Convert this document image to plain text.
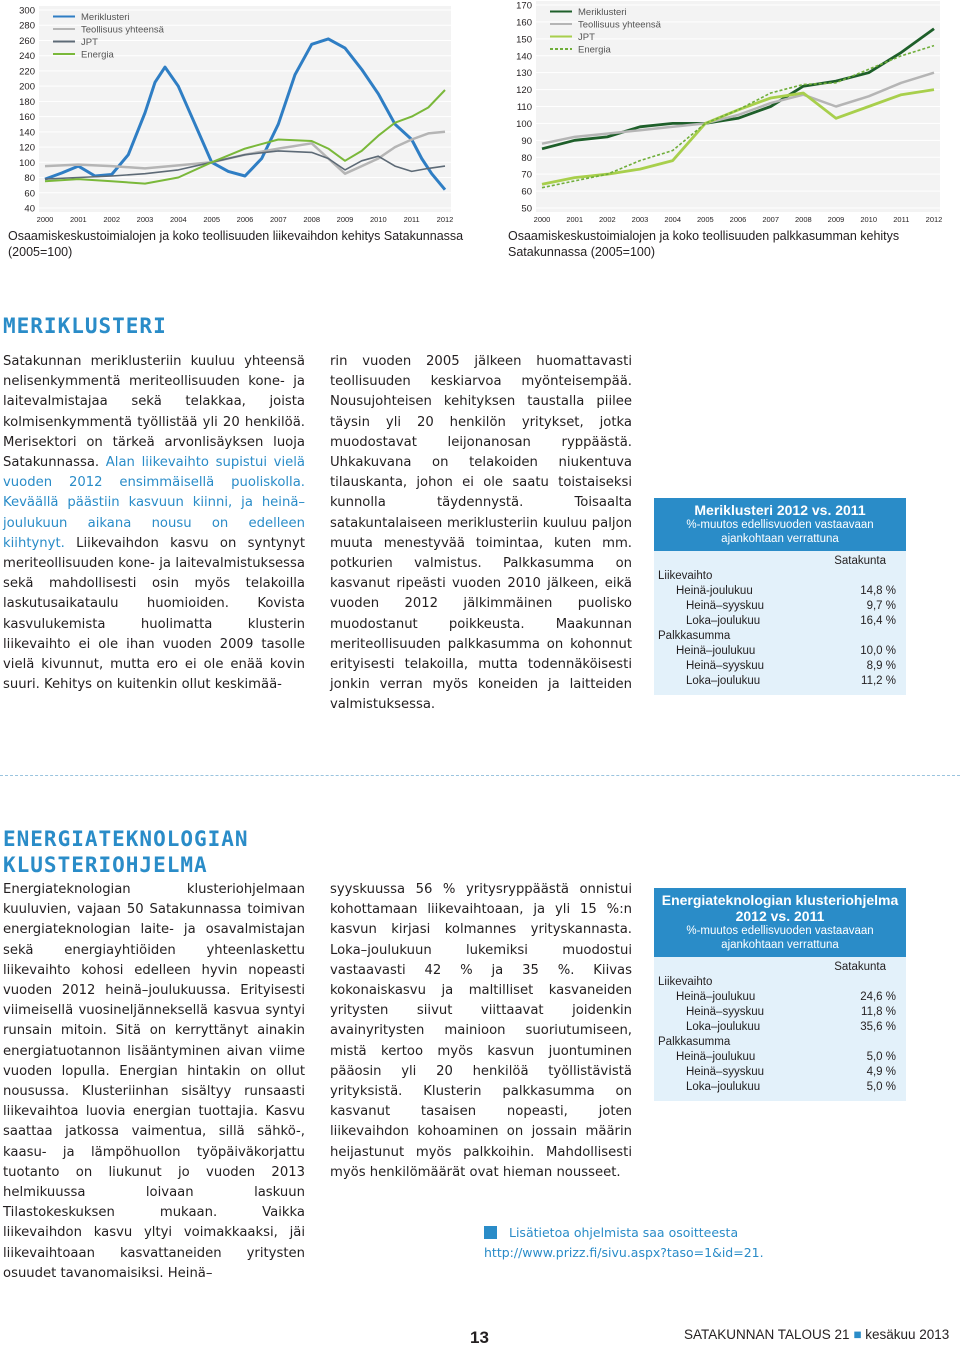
40
60
80
100
120
140
160
180
200
220
240
260
280
300
2000 2001 2002 2003 2004 2005 2006 2007 2008 2009 2010 2011 2012
Meriklusteri
Teollisuus yhteensä
JPT
Energia
Osaamiskeskustoimialojen ja koko teollisuuden liikevaihdon kehitys Satakunnassa (2005=100)
50
60
70
80
90
100
110
120
130
140
150
160
170
2000 2001 2002 2003 2004 2005 2006 2007 2008 2009 2010 2011 2012
Meriklusteri
Teollisuus yhteensä
JPT
Energia
Osaamiskeskustoimialojen ja koko teollisuuden palkkasumman kehitys Satakunnassa (2005=100)
MERIKLUSTERI

Satakunnan meriklusteriin kuuluu yhteensä nelisenkymmentä meriteollisuuden kone- ja laitevalmistajaa sekä telakkaa, joista kolmisenkymmentä työllistää yli 20 henkilöä. Merisektori on tärkeä arvonlisäyksen luoja Satakunnassa. Alan liikevaihto supistui vielä vuoden 2012 ensimmäisellä puoliskolla. Keväällä päästiin kasvuun kiinni, ja heinä–joulukuun aikana nousu on edelleen kiihtynyt. Liikevaihdon kasvu on syntynyt meriteollisuuden kone- ja laitevalmistuksessa sekä mahdollisesti osin myös telakoilla laskutusaikataulu huomioiden. Kovista kasvulukemista huolimatta klusterin liikevaihto ei ole ihan vuoden 2009 tasolle vielä kivunnut, mutta ero ei ole enää kovin suuri. Kehitys on kuitenkin ollut keskimää-

rin vuoden 2005 jälkeen huomattavasti teollisuuden keskiarvoa myönteisempää. Nousujohteisen kehityksen taustalla piilee täysin yli 20 henkilön yritykset, jotka muodostavat leijonanosan ryppäästä. Uhkakuvana on telakoiden niukentuva tilauskanta, johon ei ole saatu toistaiseksi kunnolla täydennystä. Toisaalta satakuntalaiseen meriklusteriin kuuluu paljon muuta menestyvää toimintaa, kuten mm. potkurien valmistus. Palkkasumma on kasvanut ripeästi vuoden 2010 jälkeen, eikä vuoden 2012 jälkimmäinen puolisko muodostanut poikkeusta. Maakunnan meriteollisuuden palkkasumma on kohonnut erityisesti telakoilla, mutta todennäköisesti jonkin verran myös koneiden ja laitteiden valmistuksessa.

Meriklusteri 2012 vs. 2011
%-muutos edellisvuoden vastaavaan ajankohtaan verrattuna
Satakunta
Liikevaihto
Heinä-joulukuu	14,8 %
Heinä–syyskuu	9,7 %
Loka–joulukuu	16,4 %
Palkkasumma
Heinä–joulukuu	10,0 %
Heinä–syyskuu	8,9 %
Loka–joulukuu	11,2 %
ENERGIATEKNOLOGIAN
KLUSTERIOHJELMA

Energiateknologian klusteriohjelmaan kuuluvien, vajaan 50 Satakunnassa toimivan energiateknologian laite- ja osavalmistajan sekä energiayhtiöiden yhteenlaskettu liikevaihto kohosi edelleen hyvin nopeasti vuoden 2012 heinä–joulukuussa. Erityisesti viimeisellä vuosineljänneksellä kasvua syntyi runsain mitoin. Sitä on kerryttänyt ainakin energiatuotannon lisääntyminen aivan viime vuoden lopulla. Energian hintakin on ollut nousussa. Klusteriinhan sisältyy runsaasti liikevaihtoa luovia energian tuottajia. Kasvu saattaa jatkossa vaimentua, sillä sähkö-, kaasu- ja lämpöhuollon työpäiväkorjattu tuotanto on liukunut jo vuoden 2013 helmikuussa loivaan laskuun Tilastokeskuksen mukaan. Vaikka liikevaihdon kasvu yltyi voimakkaaksi, jäi liikevaihtoaan kasvattaneiden yritysten osuudet tavanomaisiksi. Heinä–

syyskuussa 56 % yritysryppäästä onnistui kohottamaan liikevaihtoaan, ja yli 15 %:n kasvun kirjasi kolmannes yrityskannasta. Loka–joulukuun lukemiksi muodostui vastaavasti 42 % ja 35 %. Kiivas kokonaiskasvu ja maltilliset kasvaneiden yritysten siivut viittaavat joidenkin avainyritysten mainioon suoriutumiseen, mistä kertoo myös kasvun juontuminen pääosin yli 20 henkilöä työllistävistä yrityksistä. Klusterin palkkasumma on kasvanut tasaisen nopeasti, joten liikevaihdon kohoaminen on jossain määrin heijastunut myös palkkoihin. Mahdollisesti myös henkilömäärät ovat hieman nousseet.

Energiateknologian klusteriohjelma 2012 vs. 2011
%-muutos edellisvuoden vastaavaan ajankohtaan verrattuna
Satakunta
Liikevaihto
Heinä–joulukuu	24,6 %
Heinä–syyskuu	11,8 %
Loka–joulukuu	35,6 %
Palkkasumma
Heinä–joulukuu	5,0 %
Heinä–syyskuu	4,9 %
Loka–joulukuu	5,0 %
Lisätietoa ohjelmista saa osoitteesta
http://www.prizz.fi/sivu.aspx?taso=1&id=21.
13	SATAKUNNAN TALOUS 21 ■ kesäkuu 2013
